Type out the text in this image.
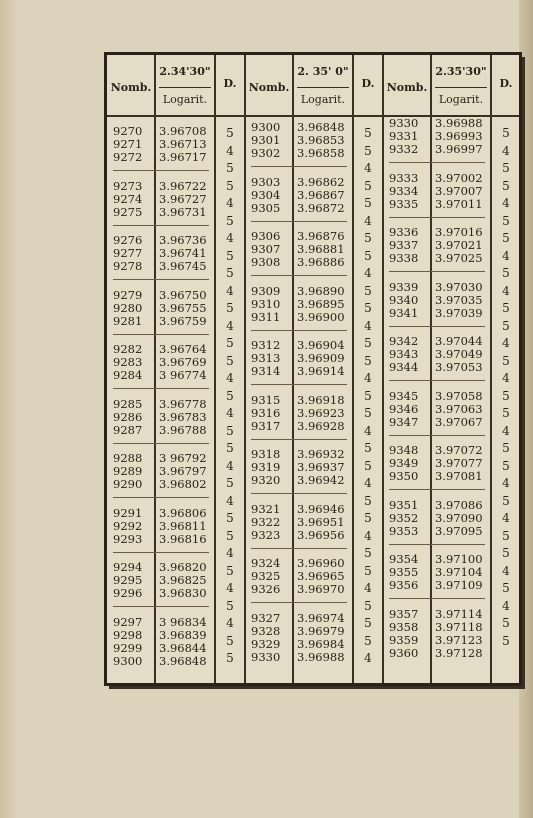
Nomb.
2.34'30"
Logarit.
D.
9270
9271
9272
3.96708
3.96713
3.96717
9273
9274
9275
3.96722
3.96727
3.96731
9276
9277
9278
3.96736
3.96741
3.96745
9279
9280
9281
3.96750
3.96755
3.96759
9282
9283
9284
3.96764
3.96769
3 96774
9285
9286
9287
3.96778
3.96783
3.96788
9288
9289
9290
3 96792
3.96797
3.96802
9291
9292
9293
3.96806
3.96811
3.96816
9294
9295
9296
3.96820
3.96825
3.96830
9297
9298
9299
9300
3 96834
3.96839
3.96844
3.96848
5
4
5
5
4
5
4
5
5
4
5
4
5
5
4
5
4
5
5
4
5
4
5
5
4
5
4
5
4
5
5
Nomb.
2. 35' 0"
Logarit.
D.
9300
9301
9302
3.96848
3.96853
3.96858
9303
9304
9305
3.96862
3.96867
3.96872
9306
9307
9308
3.96876
3.96881
3.96886
9309
9310
9311
3.96890
3.96895
3.96900
9312
9313
9314
3.96904
3.96909
3.96914
9315
9316
9317
3.96918
3.96923
3.96928
9318
9319
9320
3.96932
3.96937
3.96942
9321
9322
9323
3.96946
3.96951
3.96956
9324
9325
9326
3.96960
3.96965
3.96970
9327
9328
9329
9330
3.96974
3.96979
3.96984
3.96988
5
5
4
5
5
4
5
5
4
5
5
4
5
5
4
5
5
4
5
5
4
5
5
4
5
5
4
5
5
5
4
Nomb.
2.35'30"
Logarit.
D.
9330
9331
9332
3.96988
3.96993
3.96997
9333
9334
9335
3.97002
3.97007
3.97011
9336
9337
9338
3.97016
3.97021
3.97025
9339
9340
9341
3.97030
3.97035
3.97039
9342
9343
9344
3.97044
3.97049
3.97053
9345
9346
9347
3.97058
3.97063
3.97067
9348
9349
9350
3.97072
3.97077
3.97081
9351
9352
9353
3.97086
3.97090
3.97095
9354
9355
9356
3.97100
3.97104
3.97109
9357
9358
9359
9360
3.97114
3.97118
3.97123
3.97128
5
4
5
5
4
5
5
4
5
4
5
5
4
5
4
5
5
4
5
5
4
5
4
5
5
4
5
4
5
5
